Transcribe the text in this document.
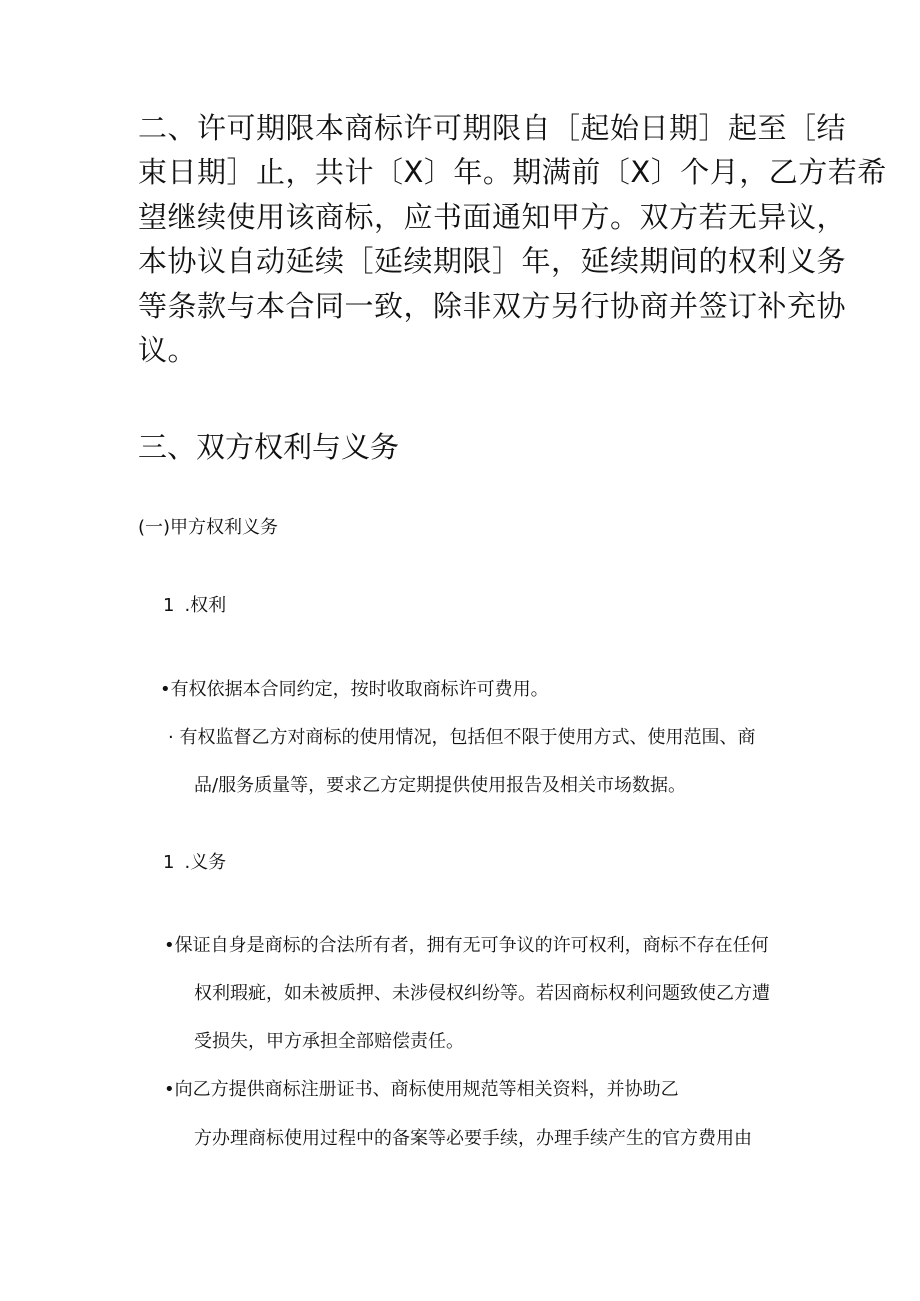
二、许可期限本商标许可期限自［起始日期］起至［结
束日期］止，共计〔X〕年。期满前〔X〕个月，乙方若希
望继续使用该商标，应书面通知甲方。双方若无异议，
本协议自动延续［延续期限］年，延续期间的权利义务
等条款与本合同一致，除非双方另行协商并签订补充协
议。
三、双方权利与义务
(一)甲方权利义务
1 .权利
•有权依据本合同约定，按时收取商标许可费用。
· 有权监督乙方对商标的使用情况，包括但不限于使用方式、使用范围、商
品/服务质量等，要求乙方定期提供使用报告及相关市场数据。
1 .义务
•保证自身是商标的合法所有者，拥有无可争议的许可权利，商标不存在任何
权利瑕疵，如未被质押、未涉侵权纠纷等。若因商标权利问题致使乙方遭
受损失，甲方承担全部赔偿责任。
•向乙方提供商标注册证书、商标使用规范等相关资料，并协助乙
方办理商标使用过程中的备案等必要手续，办理手续产生的官方费用由
